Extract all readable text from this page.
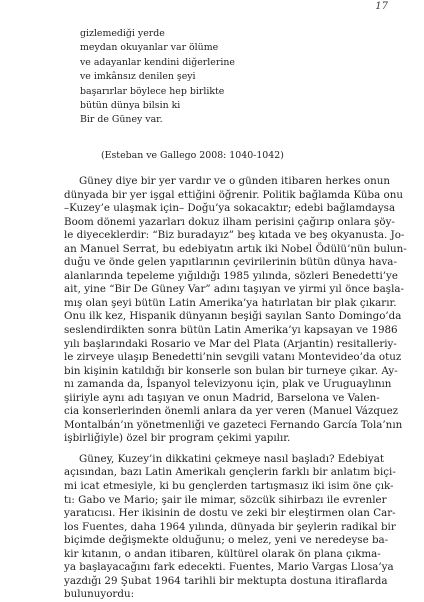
17
gizlemediği yerde
meydan okuyanlar var ölüme
ve adayanlar kendini diğerlerine
ve imkânsız denilen şeyi
başarırlar böylece hep birlikte
bütün dünya bilsin ki
Bir de Güney var.
(Esteban ve Gallego 2008: 1040-1042)
Güney diye bir yer vardır ve o günden itibaren herkes onun
dünyada bir yer işgal ettiğini öğrenir. Politik bağlamda Küba onu
–Kuzey’e ulaşmak için– Doğu’ya sokacaktır; edebi bağlamdaysa
Boom dönemi yazarları dokuz ilham perisini çağırıp onlara şöy-
le diyeceklerdir: “Biz buradayız” beş kıtada ve beş okyanusta. Jo-
an Manuel Serrat, bu edebiyatın artık iki Nobel Ödülü’nün bulun-
duğu ve önde gelen yapıtlarının çevirilerinin bütün dünya hava-
alanlarında tepeleme yığıldığı 1985 yılında, sözleri Benedetti’ye
ait, yine “Bir De Güney Var” adını taşıyan ve yirmi yıl önce başla-
mış olan şeyi bütün Latin Amerika’ya hatırlatan bir plak çıkarır.
Onu ilk kez, Hispanik dünyanın beşiği sayılan Santo Domingo’da
seslendirdikten sonra bütün Latin Amerika’yı kapsayan ve 1986
yılı başlarındaki Rosario ve Mar del Plata (Arjantin) resitalleriy-
le zirveye ulaşıp Benedetti’nin sevgili vatanı Montevideo’da otuz
bin kişinin katıldığı bir konserle son bulan bir turneye çıkar. Ay-
nı zamanda da, İspanyol televizyonu için, plak ve Uruguaylının
şiiriyle aynı adı taşıyan ve onun Madrid, Barselona ve Valen-
cia konserlerinden önemli anlara da yer veren (Manuel Vázquez
Montalbán’ın yönetmenliği ve gazeteci Fernando García Tola’nın
işbirliğiyle) özel bir program çekimi yapılır.
Güney, Kuzey’in dikkatini çekmeye nasıl başladı? Edebiyat
açısından, bazı Latin Amerikalı gençlerin farklı bir anlatım biçi-
mi icat etmesiyle, ki bu gençlerden tartışmasız iki isim öne çık-
tı: Gabo ve Mario; şair ile mimar, sözcük sihirbazı ile evrenler
yaratıcısı. Her ikisinin de dostu ve zeki bir eleştirmen olan Car-
los Fuentes, daha 1964 yılında, dünyada bir şeylerin radikal bir
biçimde değişmekte olduğunu; o melez, yeni ve neredeyse ba-
kir kıtanın, o andan itibaren, kültürel olarak ön plana çıkma-
ya başlayacağını fark edecekti. Fuentes, Mario Vargas Llosa’ya
yazdığı 29 Şubat 1964 tarihli bir mektupta dostuna itiraflarda
bulunuyordu:
